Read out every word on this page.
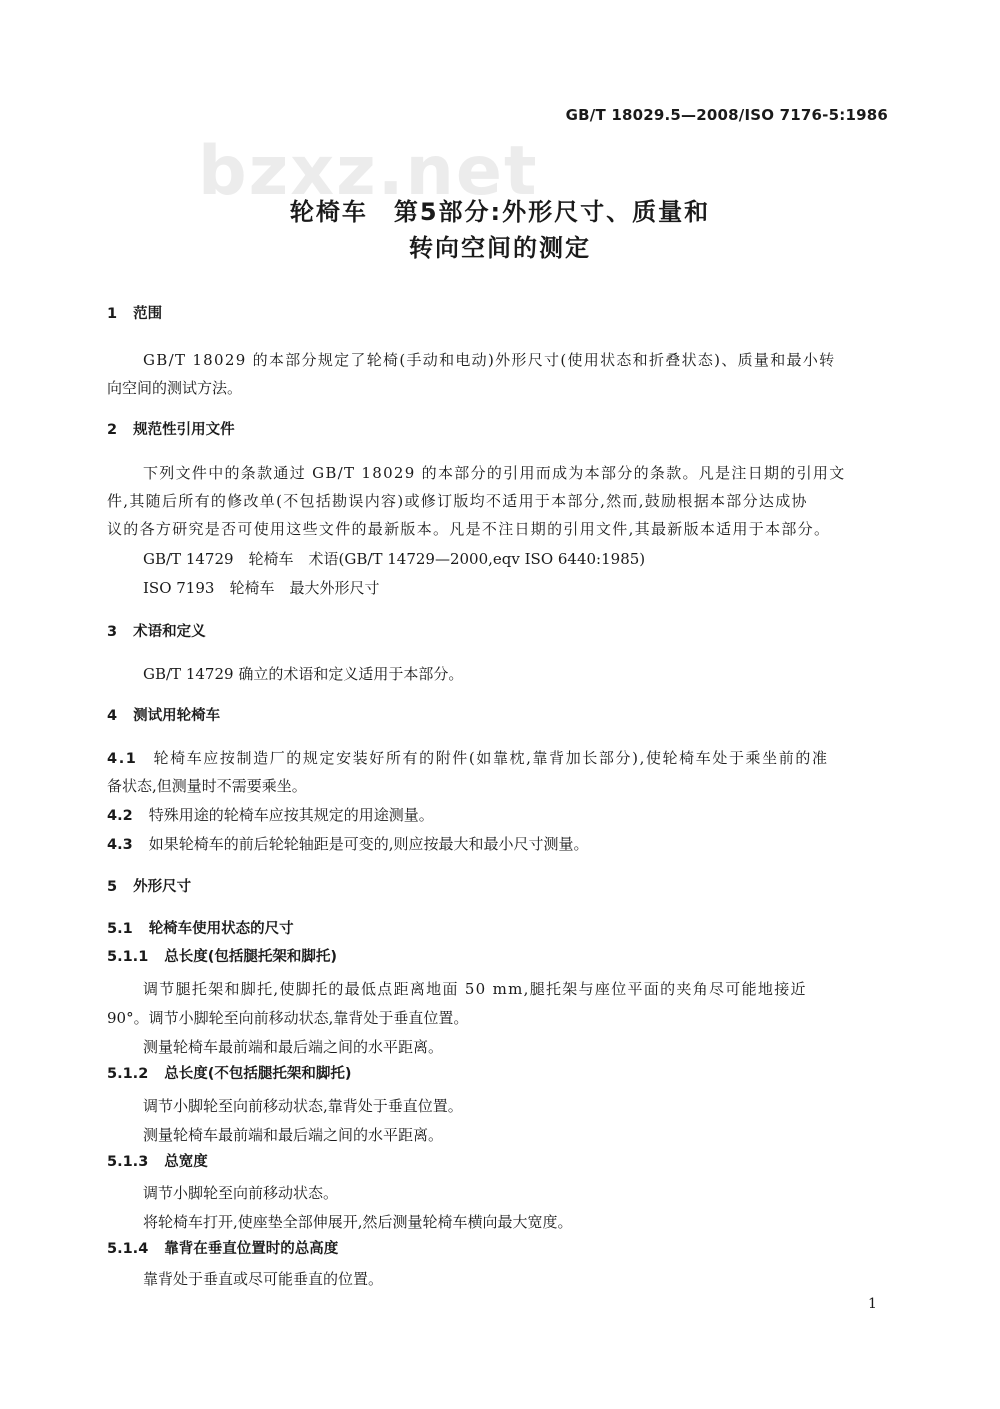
bzxz.net
GB/T 18029.5—2008/ISO 7176-5:1986
轮椅车　第5部分:外形尺寸、质量和
转向空间的测定
1 范围
GB/T 18029 的本部分规定了轮椅(手动和电动)外形尺寸(使用状态和折叠状态)、质量和最小转
向空间的测试方法。
2 规范性引用文件
下列文件中的条款通过 GB/T 18029 的本部分的引用而成为本部分的条款。凡是注日期的引用文
件,其随后所有的修改单(不包括勘误内容)或修订版均不适用于本部分,然而,鼓励根据本部分达成协
议的各方研究是否可使用这些文件的最新版本。凡是不注日期的引用文件,其最新版本适用于本部分。
GB/T 14729　轮椅车　术语(GB/T 14729—2000,eqv ISO 6440:1985)
ISO 7193　轮椅车　最大外形尺寸
3 术语和定义
GB/T 14729 确立的术语和定义适用于本部分。
4 测试用轮椅车
4.1 轮椅车应按制造厂的规定安装好所有的附件(如靠枕,靠背加长部分),使轮椅车处于乘坐前的准
备状态,但测量时不需要乘坐。
4.2 特殊用途的轮椅车应按其规定的用途测量。
4.3 如果轮椅车的前后轮轮轴距是可变的,则应按最大和最小尺寸测量。
5 外形尺寸
5.1 轮椅车使用状态的尺寸
5.1.1 总长度(包括腿托架和脚托)
调节腿托架和脚托,使脚托的最低点距离地面 50 mm,腿托架与座位平面的夹角尽可能地接近
90°。调节小脚轮至向前移动状态,靠背处于垂直位置。
测量轮椅车最前端和最后端之间的水平距离。
5.1.2 总长度(不包括腿托架和脚托)
调节小脚轮至向前移动状态,靠背处于垂直位置。
测量轮椅车最前端和最后端之间的水平距离。
5.1.3 总宽度
调节小脚轮至向前移动状态。
将轮椅车打开,使座垫全部伸展开,然后测量轮椅车横向最大宽度。
5.1.4 靠背在垂直位置时的总高度
靠背处于垂直或尽可能垂直的位置。
1
